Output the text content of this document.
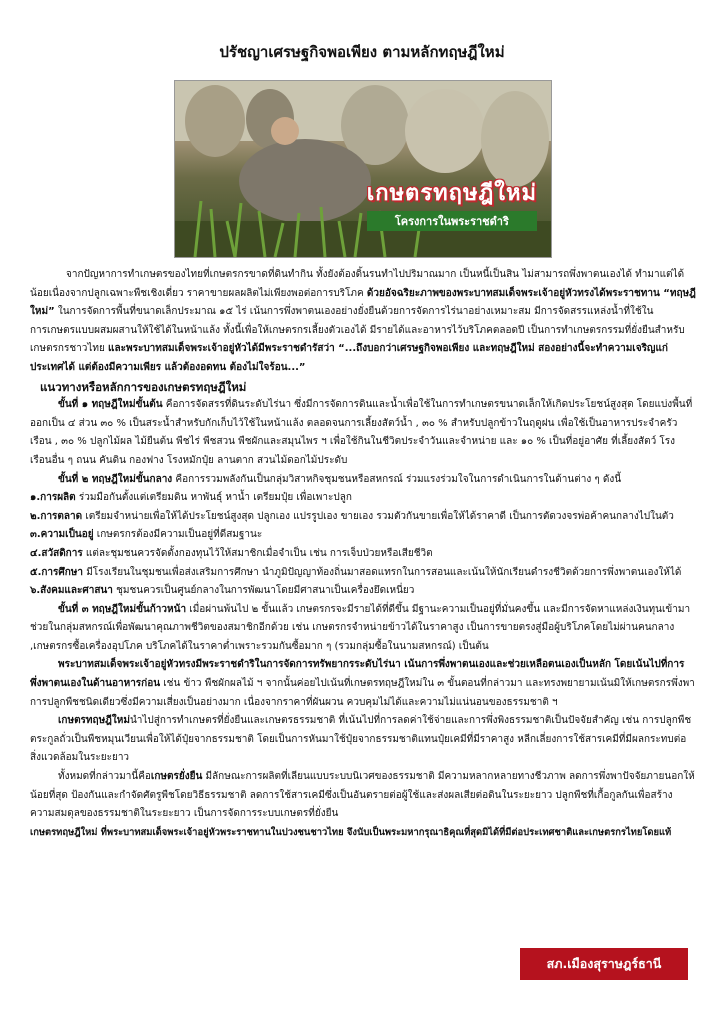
ปรัชญาเศรษฐกิจพอเพียง ตามหลักทฤษฎีใหม่
เกษตรทฤษฎีใหม่
โครงการในพระราชดำริ

จากปัญหาการทำเกษตรของไทยที่เกษตรกรขาดที่ดินทำกิน ทั้งยังต้องดิ้นรนทำไปปริมาณมาก เป็นหนี้เป็นสิน ไม่สามารถพึ่งพาตนเองได้ ทำมาแต่ได้น้อยเนื่องจากปลูกเฉพาะพืชเชิงเดี่ยว ราคาขายผลผลิตไม่เพียงพอต่อการบริโภค ด้วยอัจฉริยะภาพของพระบาทสมเด็จพระเจ้าอยู่หัวทรงได้พระราชทาน “ทฤษฎีใหม่” ในการจัดการพื้นที่ขนาดเล็กประมาณ ๑๕ ไร่ เน้นการพึ่งพาตนเองอย่างยั่งยืนด้วยการจัดการไร่นาอย่างเหมาะสม มีการจัดสรรแหล่งน้ำที่ใช้ในการเกษตรแบบผสมผสานให้ใช้ได้ในหน้าแล้ง ทั้งนี้เพื่อให้เกษตรกรเลี้ยงตัวเองได้ มีรายได้และอาหารไว้บริโภคตลอดปี เป็นการทำเกษตรกรรมที่ยั่งยืนสำหรับเกษตรกรชาวไทย และพระบาทสมเด็จพระเจ้าอยู่หัวได้มีพระราชดำรัสว่า “...ถึงบอกว่าเศรษฐกิจพอเพียง และทฤษฎีใหม่ สองอย่างนี้จะทำความเจริญแก่ประเทศได้ แต่ต้องมีความเพียร แล้วต้องอดทน ต้องไม่ใจร้อน...”

แนวทางหรือหลักการของเกษตรทฤษฎีใหม่

ขั้นที่ ๑ ทฤษฎีใหม่ขั้นต้น คือการจัดสรรที่ดินระดับไร่นา ซึ่งมีการจัดการดินและน้ำเพื่อใช้ในการทำเกษตรขนาดเล็กให้เกิดประโยชน์สูงสุด โดยแบ่งพื้นที่ออกเป็น ๔ ส่วน ๓๐ % เป็นสระน้ำสำหรับกักเก็บไว้ใช้ในหน้าแล้ง ตลอดจนการเลี้ยงสัตว์น้ำ , ๓๐ % สำหรับปลูกข้าวในฤดูฝน เพื่อใช้เป็นอาหารประจำครัวเรือน , ๓๐ % ปลูกไม้ผล ไม้ยืนต้น พืชไร่ พืชสวน พืชผักและสมุนไพร ฯ เพื่อใช้กินในชีวิตประจำวันและจำหน่าย และ ๑๐ % เป็นที่อยู่อาศัย ที่เลี้ยงสัตว์ โรงเรือนอื่น ๆ ถนน คันดิน กองฟาง โรงหมักปุ๋ย ลานตาก สวนไม้ดอกไม้ประดับ

ขั้นที่ ๒ ทฤษฎีใหม่ขั้นกลาง คือการรวมพลังกันเป็นกลุ่มวิสาหกิจชุมชนหรือสหกรณ์ ร่วมแรงร่วมใจในการดำเนินการในด้านต่าง ๆ ดังนี้

๑.การผลิต ร่วมมือกันตั้งแต่เตรียมดิน หาพันธุ์ หาน้ำ เตรียมปุ๋ย เพื่อเพาะปลูก

๒.การตลาด เตรียมจำหน่ายเพื่อให้ได้ประโยชน์สูงสุด ปลูกเอง แปรรูปเอง ขายเอง รวมตัวกันขายเพื่อให้ได้ราคาดี เป็นการตัดวงจรพ่อค้าคนกลางไปในตัว

๓.ความเป็นอยู่ เกษตรกรต้องมีความเป็นอยู่ที่ดีสมฐานะ

๔.สวัสดิการ แต่ละชุมชนควรจัดตั้งกองทุนไว้ให้สมาชิกเมื่อจำเป็น เช่น การเจ็บป่วยหรือเสียชีวิต

๕.การศึกษา มีโรงเรียนในชุมชนเพื่อส่งเสริมการศึกษา นำภูมิปัญญาท้องถิ่นมาสอดแทรกในการสอนและเน้นให้นักเรียนดำรงชีวิตด้วยการพึ่งพาตนเองให้ได้

๖.สังคมและศาสนา ชุมชนควรเป็นศูนย์กลางในการพัฒนาโดยมีศาสนาเป็นเครื่องยึดเหนี่ยว

ขั้นที่ ๓ ทฤษฎีใหม่ขั้นก้าวหน้า เมื่อผ่านพ้นไป ๒ ขั้นแล้ว เกษตรกรจะมีรายได้ที่ดีขึ้น มีฐานะความเป็นอยู่ที่มั่นคงขึ้น และมีการจัดหาแหล่งเงินทุนเข้ามาช่วยในกลุ่มสหกรณ์เพื่อพัฒนาคุณภาพชีวิตของสมาชิกอีกด้วย เช่น เกษตรกรจำหน่ายข้าวได้ในราคาสูง เป็นการขายตรงสู่มือผู้บริโภคโดยไม่ผ่านคนกลาง ,เกษตรกรซื้อเครื่องอุปโภค บริโภคได้ในราคาต่ำเพราะรวมกันซื้อมาก ๆ (รวมกลุ่มซื้อในนามสหกรณ์) เป็นต้น

พระบาทสมเด็จพระเจ้าอยู่หัวทรงมีพระราชดำริในการจัดการทรัพยากรระดับไร่นา เน้นการพึ่งพาตนเองและช่วยเหลือตนเองเป็นหลัก โดยเน้นไปที่การพึ่งพาตนเองในด้านอาหารก่อน เช่น ข้าว พืชผักผลไม้ ฯ จากนั้นค่อยไปเน้นที่เกษตรทฤษฎีใหม่ใน ๓ ขั้นตอนที่กล่าวมา และทรงพยายามเน้นมิให้เกษตรกรพึ่งพาการปลูกพืชชนิดเดียวซึ่งมีความเสี่ยงเป็นอย่างมาก เนื่องจากราคาที่ผันผวน ควบคุมไม่ได้และความไม่แน่นอนของธรรมชาติ ฯ

เกษตรทฤษฎีใหม่นำไปสู่การทำเกษตรที่ยั่งยืนและเกษตรธรรมชาติ ที่เน้นไปที่การลดค่าใช้จ่ายและการพึ่งพิงธรรมชาติเป็นปัจจัยสำคัญ เช่น การปลูกพืชตระกูลถั่วเป็นพืชหมุนเวียนเพื่อให้ได้ปุ๋ยจากธรรมชาติ โดยเป็นการหันมาใช้ปุ๋ยจากธรรมชาติแทนปุ๋ยเคมีที่มีราคาสูง หลีกเลี่ยงการใช้สารเคมีที่มีผลกระทบต่อสิ่งแวดล้อมในระยะยาว

ทั้งหมดที่กล่าวมานี้คือเกษตรยั่งยืน มีลักษณะการผลิตที่เลียนแบบระบบนิเวศของธรรมชาติ มีความหลากหลายทางชีวภาพ ลดการพึ่งพาปัจจัยภายนอกให้น้อยที่สุด ป้องกันและกำจัดศัตรูพืชโดยวิธีธรรมชาติ ลดการใช้สารเคมีซึ่งเป็นอันตรายต่อผู้ใช้และส่งผลเสียต่อดินในระยะยาว ปลูกพืชที่เกื้อกูลกันเพื่อสร้างความสมดุลของธรรมชาติในระยะยาว เป็นการจัดการระบบเกษตรที่ยั่งยืน

เกษตรทฤษฎีใหม่ ที่พระบาทสมเด็จพระเจ้าอยู่หัวพระราชทานในปวงชนชาวไทย จึงนับเป็นพระมหากรุณาธิคุณที่สุดมิได้ที่มีต่อประเทศชาติและเกษตรกรไทยโดยแท้

สภ.เมืองสุราษฎร์ธานี
